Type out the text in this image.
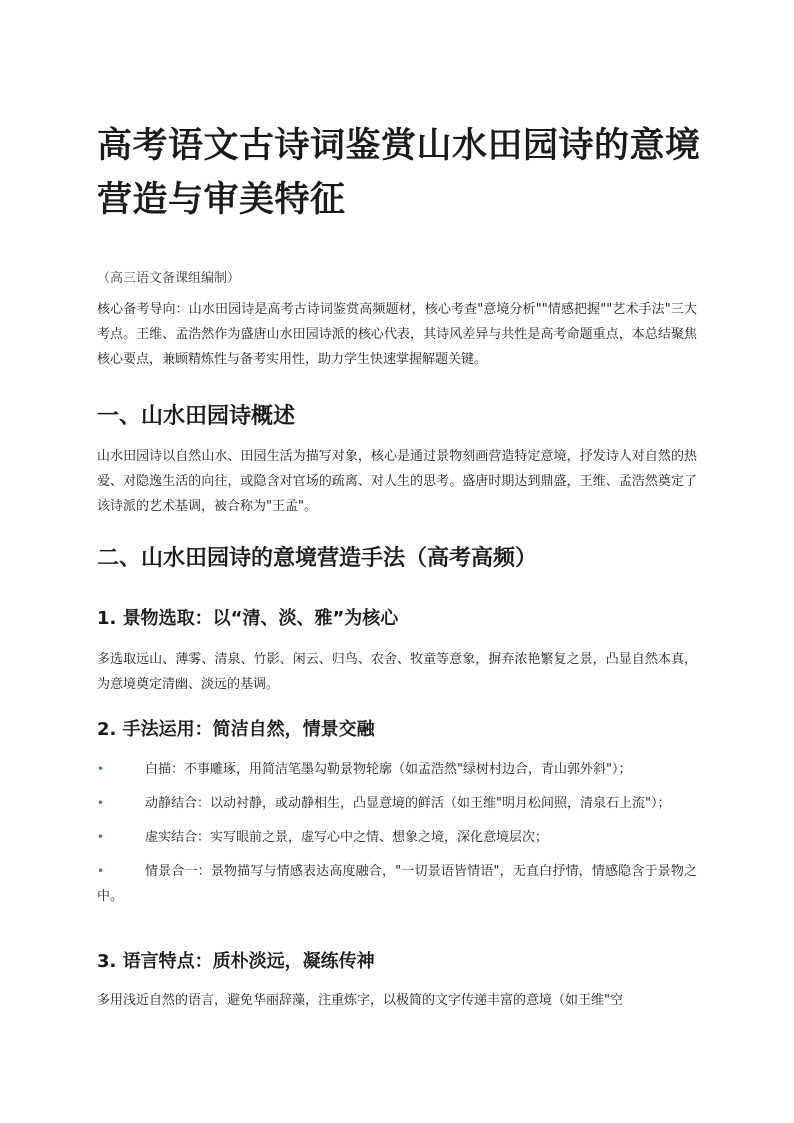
高考语文古诗词鉴赏山水田园诗的意境营造与审美特征

（高三语文备课组编制）

核心备考导向：山水田园诗是高考古诗词鉴赏高频题材，核心考查"意境分析""情感把握""艺术手法"三大考点。王维、孟浩然作为盛唐山水田园诗派的核心代表，其诗风差异与共性是高考命题重点，本总结聚焦核心要点，兼顾精炼性与备考实用性，助力学生快速掌握解题关键。

一、山水田园诗概述

山水田园诗以自然山水、田园生活为描写对象，核心是通过景物刻画营造特定意境，抒发诗人对自然的热爱、对隐逸生活的向往，或隐含对官场的疏离、对人生的思考。盛唐时期达到鼎盛，王维、孟浩然奠定了该诗派的艺术基调，被合称为"王孟"。

二、山水田园诗的意境营造手法（高考高频）
1. 景物选取：以“清、淡、雅”为核心

多选取远山、薄雾、清泉、竹影、闲云、归鸟、农舍、牧童等意象，摒弃浓艳繁复之景，凸显自然本真，为意境奠定清幽、淡远的基调。

2. 手法运用：简洁自然，情景交融
•	白描：不事雕琢，用简洁笔墨勾勒景物轮廓（如孟浩然"绿树村边合，青山郭外斜"）；
•	动静结合：以动衬静，或动静相生，凸显意境的鲜活（如王维"明月松间照，清泉石上流"）；
•	虚实结合：实写眼前之景，虚写心中之情、想象之境，深化意境层次；
•	情景合一：景物描写与情感表达高度融合，"一切景语皆情语"，无直白抒情，情感隐含于景物之中。
3. 语言特点：质朴淡远，凝练传神

多用浅近自然的语言，避免华丽辞藻，注重炼字，以极简的文字传递丰富的意境（如王维"空
